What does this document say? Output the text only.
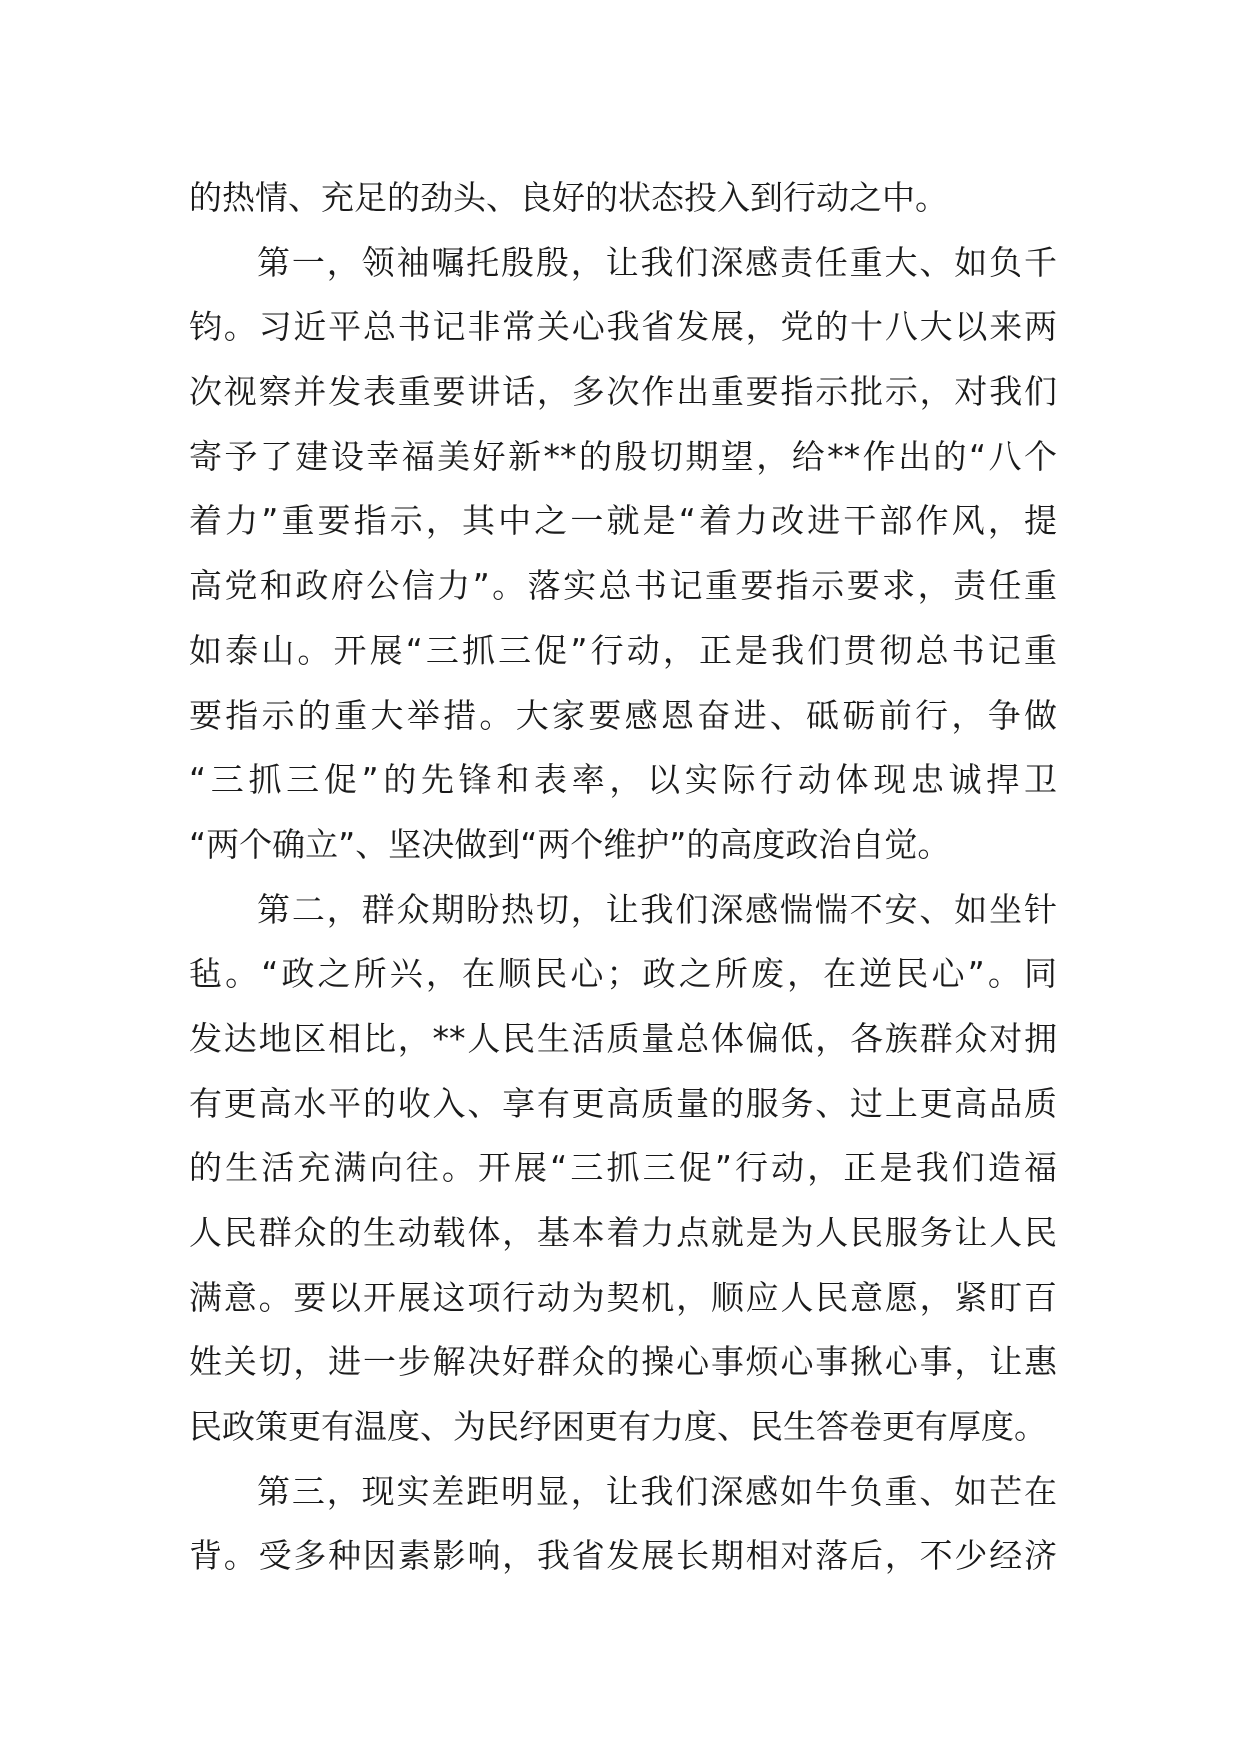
的热情、充足的劲头、良好的状态投入到行动之中。
第一，领袖嘱托殷殷，让我们深感责任重大、如负千
钧。习近平总书记非常关心我省发展，党的十八大以来两
次视察并发表重要讲话，多次作出重要指示批示，对我们
寄予了建设幸福美好新**的殷切期望，给**作出的“八个
着力”重要指示，其中之一就是“着力改进干部作风，提
高党和政府公信力”。落实总书记重要指示要求，责任重
如泰山。开展“三抓三促”行动，正是我们贯彻总书记重
要指示的重大举措。大家要感恩奋进、砥砺前行，争做
“三抓三促”的先锋和表率，以实际行动体现忠诚捍卫
“两个确立”、坚决做到“两个维护”的高度政治自觉。
第二，群众期盼热切，让我们深感惴惴不安、如坐针
毡。“政之所兴，在顺民心；政之所废，在逆民心”。同
发达地区相比，**人民生活质量总体偏低，各族群众对拥
有更高水平的收入、享有更高质量的服务、过上更高品质
的生活充满向往。开展“三抓三促”行动，正是我们造福
人民群众的生动载体，基本着力点就是为人民服务让人民
满意。要以开展这项行动为契机，顺应人民意愿，紧盯百
姓关切，进一步解决好群众的操心事烦心事揪心事，让惠
民政策更有温度、为民纾困更有力度、民生答卷更有厚度。
第三，现实差距明显，让我们深感如牛负重、如芒在
背。受多种因素影响，我省发展长期相对落后，不少经济
